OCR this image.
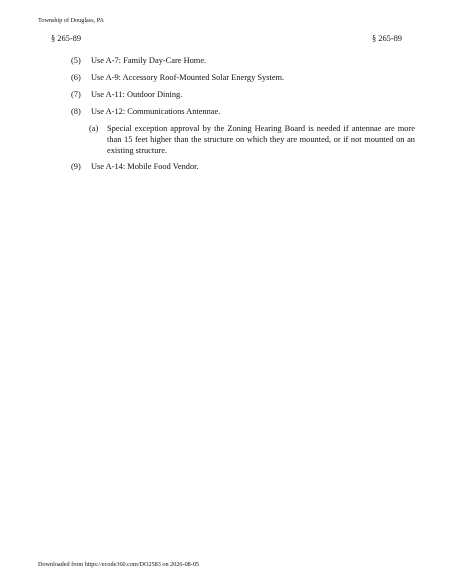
Township of Douglass, PA
§ 265-89	§ 265-89
(5) Use A-7: Family Day-Care Home.
(6) Use A-9: Accessory Roof-Mounted Solar Energy System.
(7) Use A-11: Outdoor Dining.
(8) Use A-12: Communications Antennae.
(a) Special exception approval by the Zoning Hearing Board is needed if antennae are more than 15 feet higher than the structure on which they are mounted, or if not mounted on an existing structure.
(9) Use A-14: Mobile Food Vendor.
Downloaded from https://ecode360.com/DO2583 on 2026-08-05
